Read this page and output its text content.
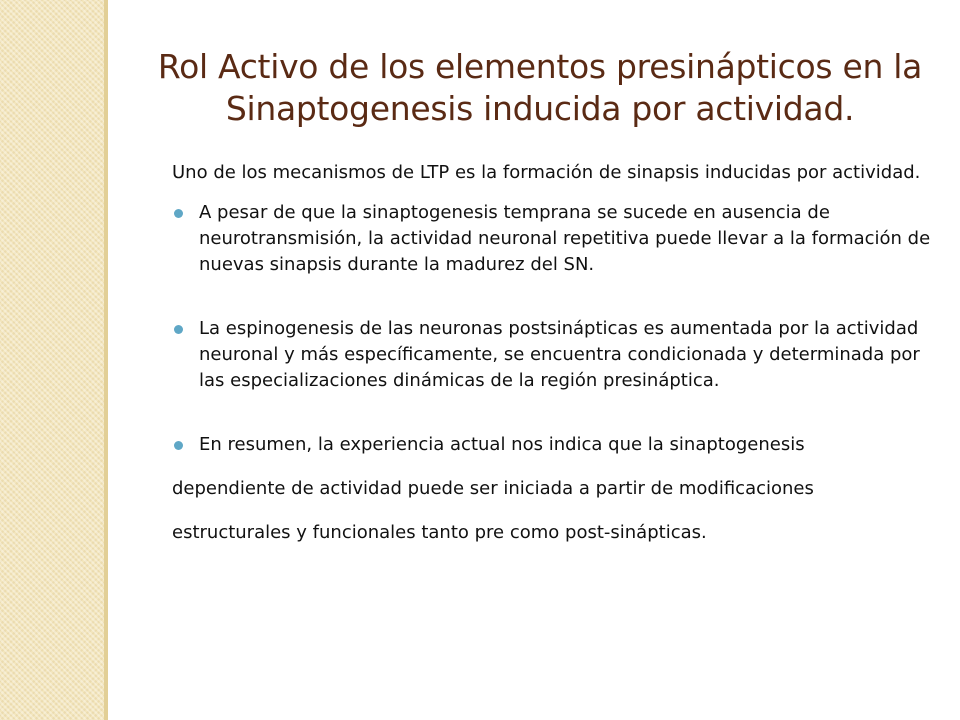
Rol Activo de los elementos presinápticos en la Sinaptogenesis inducida por actividad.

Uno de los mecanismos de LTP es la formación de sinapsis inducidas por actividad.

A pesar de que la sinaptogenesis temprana se sucede en ausencia de neurotransmisión, la actividad neuronal repetitiva puede llevar a la formación de nuevas sinapsis durante la madurez del SN.
La espinogenesis de las neuronas postsinápticas es aumentada por la actividad neuronal y más específicamente, se encuentra condicionada y determinada por las especializaciones dinámicas de la región presináptica.
En resumen, la experiencia actual nos indica que la sinaptogenesis
dependiente de actividad puede ser iniciada a partir de modificaciones
estructurales y funcionales tanto pre como post-sinápticas.
